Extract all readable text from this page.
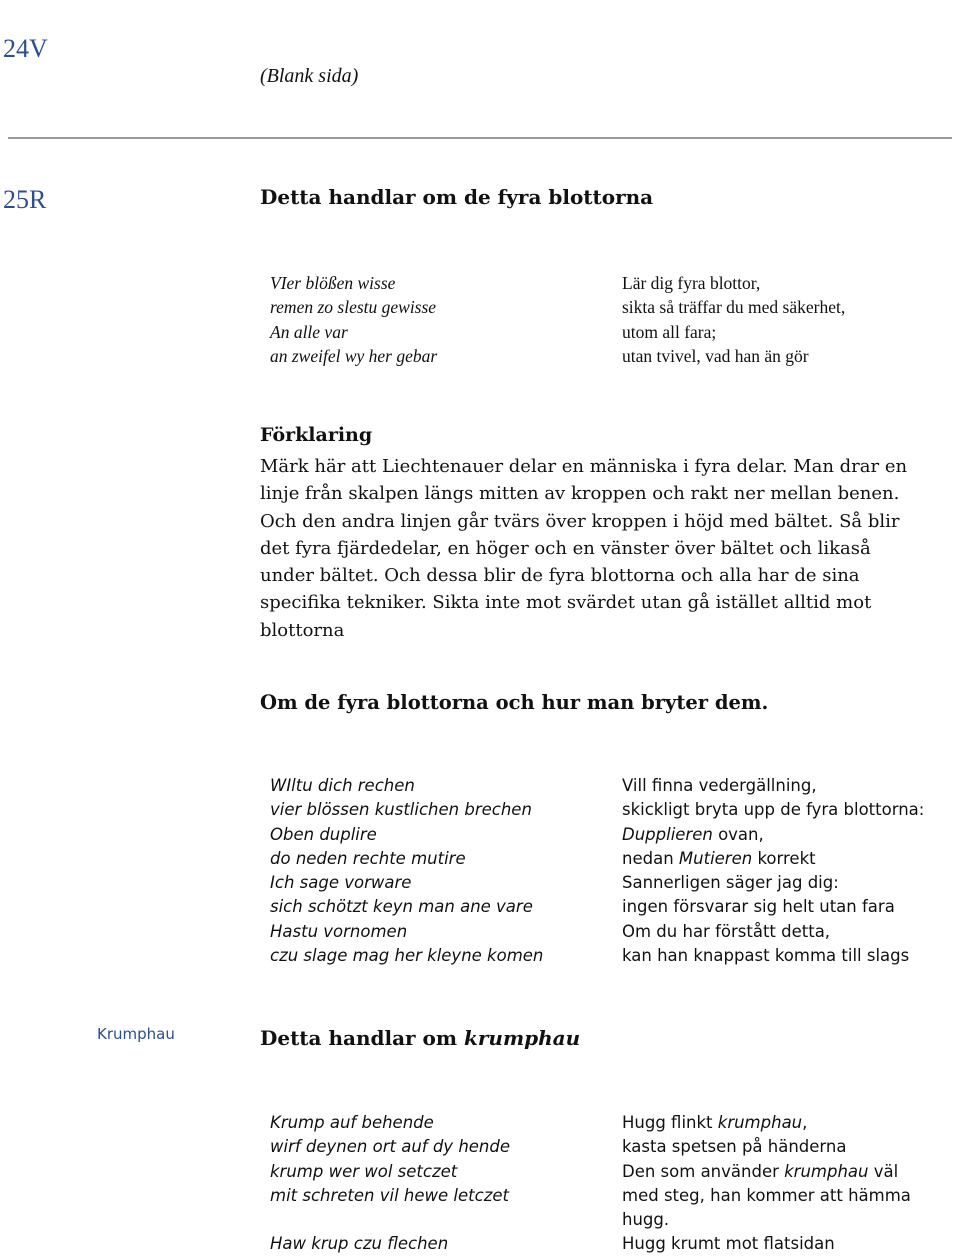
24V
(Blank sida)
25R	Detta handlar om de fyra blottorna
VIer blößen wisse
remen zo slestu gewisse
An alle var
an zweifel wy her gebar
Lär dig fyra blottor,
sikta så träffar du med säkerhet,
utom all fara;
utan tvivel, vad han än gör
Förklaring
Märk här att Liechtenauer delar en människa i fyra delar. Man drar en
linje från skalpen längs mitten av kroppen och rakt ner mellan benen.
Och den andra linjen går tvärs över kroppen i höjd med bältet. Så blir
det fyra fjärdedelar, en höger och en vänster över bältet och likaså
under bältet. Och dessa blir de fyra blottorna och alla har de sina
specifika tekniker. Sikta inte mot svärdet utan gå istället alltid mot
blottorna
Om de fyra blottorna och hur man bryter dem.
WIltu dich rechen
vier blössen kustlichen brechen
Oben duplire
do neden rechte mutire
Ich sage vorware
sich schötzt keyn man ane vare
Hastu vornomen
czu slage mag her kleyne komen
Vill finna vedergällning,
skickligt bryta upp de fyra blottorna:
Dupplieren ovan,
nedan Mutieren korrekt
Sannerligen säger jag dig:
ingen försvarar sig helt utan fara
Om du har förstått detta,
kan han knappast komma till slags
Krumphau	Detta handlar om krumphau
Krump auf behende
wirf deynen ort auf dy hende
krump wer wol setczet
mit schreten vil hewe letczet
Haw krup czu flechen
Hugg flinkt krumphau,
kasta spetsen på händerna
Den som använder krumphau väl
med steg, han kommer att hämma
hugg.
Hugg krumt mot flatsidan
